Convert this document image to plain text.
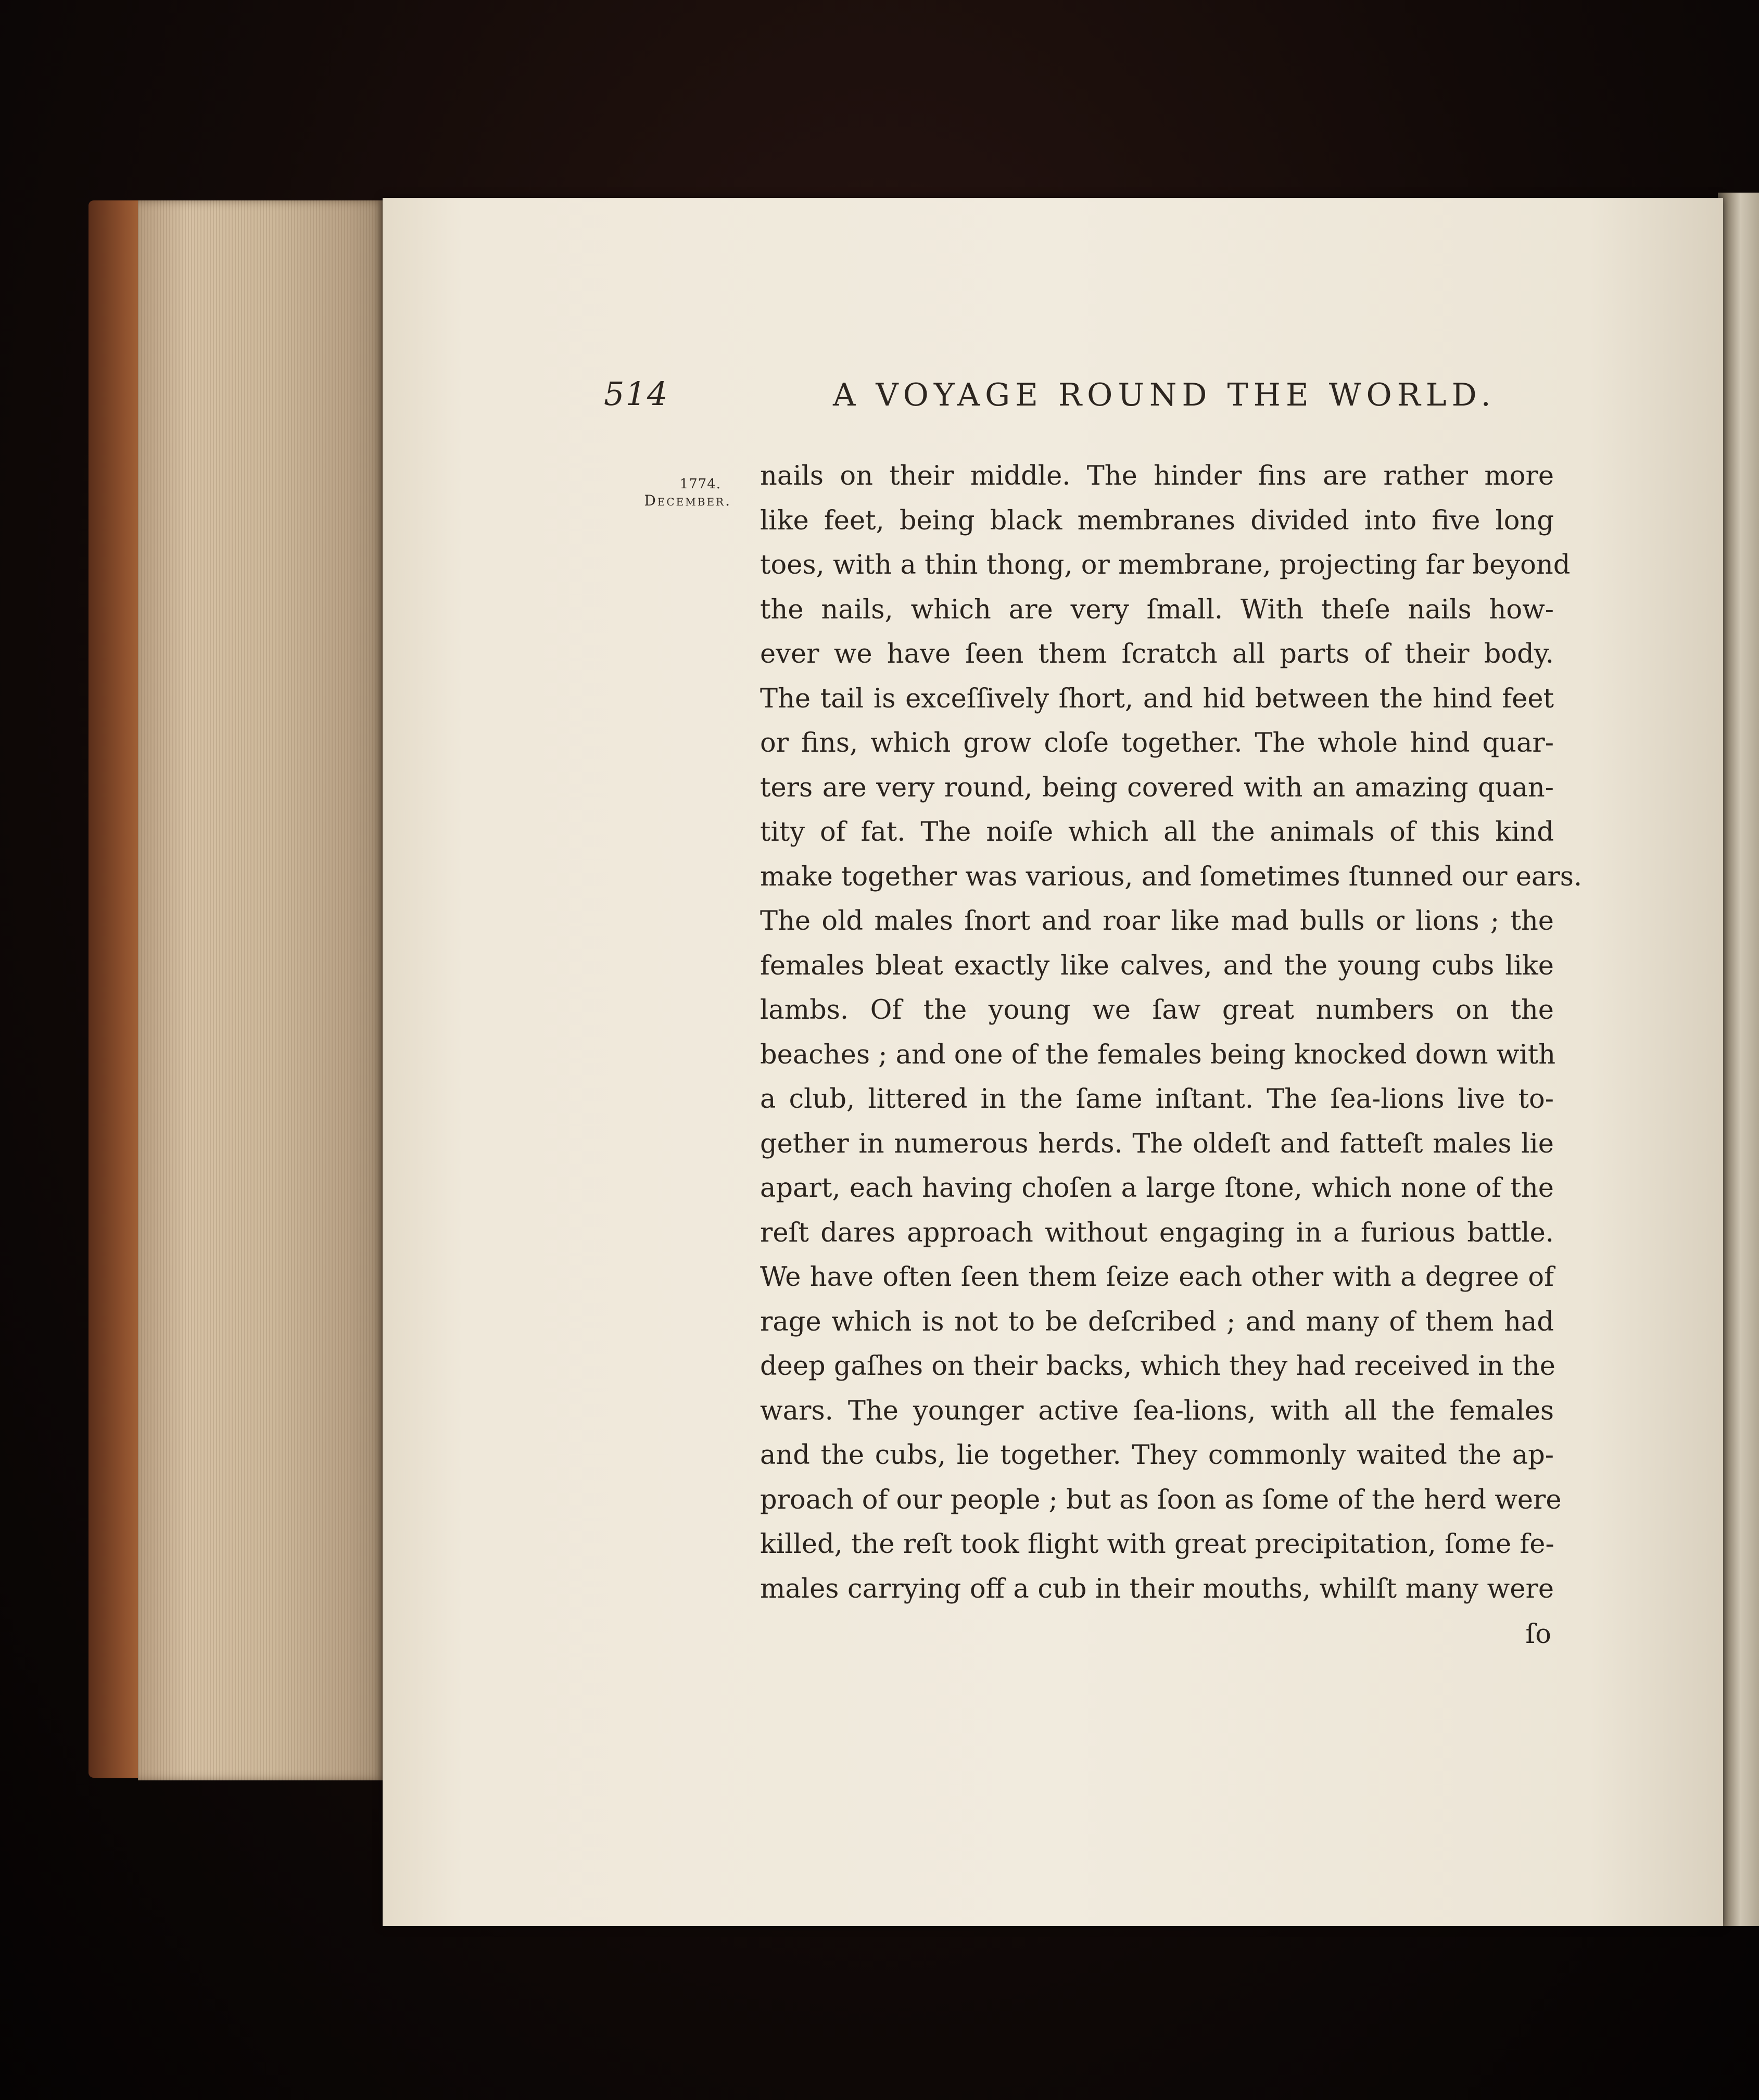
514	A VOYAGE ROUND THE WORLD.
1774.
December.
nails on their middle. The hinder fins are rather more
like feet, being black membranes divided into five long
toes, with a thin thong, or membrane, projecting far beyond
the nails, which are very ſmall. With theſe nails how-
ever we have ſeen them ſcratch all parts of their body.
The tail is exceſſively ſhort, and hid between the hind feet
or fins, which grow cloſe together. The whole hind quar-
ters are very round, being covered with an amazing quan-
tity of fat. The noiſe which all the animals of this kind
make together was various, and ſometimes ſtunned our ears.
The old males ſnort and roar like mad bulls or lions ; the
females bleat exactly like calves, and the young cubs like
lambs. Of the young we ſaw great numbers on the
beaches ; and one of the females being knocked down with
a club, littered in the ſame inſtant. The ſea-lions live to-
gether in numerous herds. The oldeſt and fatteſt males lie
apart, each having choſen a large ſtone, which none of the
reſt dares approach without engaging in a furious battle.
We have often ſeen them ſeize each other with a degree of
rage which is not to be deſcribed ; and many of them had
deep gaſhes on their backs, which they had received in the
wars. The younger active ſea-lions, with all the females
and the cubs, lie together. They commonly waited the ap-
proach of our people ; but as ſoon as ſome of the herd were
killed, the reſt took flight with great precipitation, ſome fe-
males carrying off a cub in their mouths, whilſt many were
ſo
